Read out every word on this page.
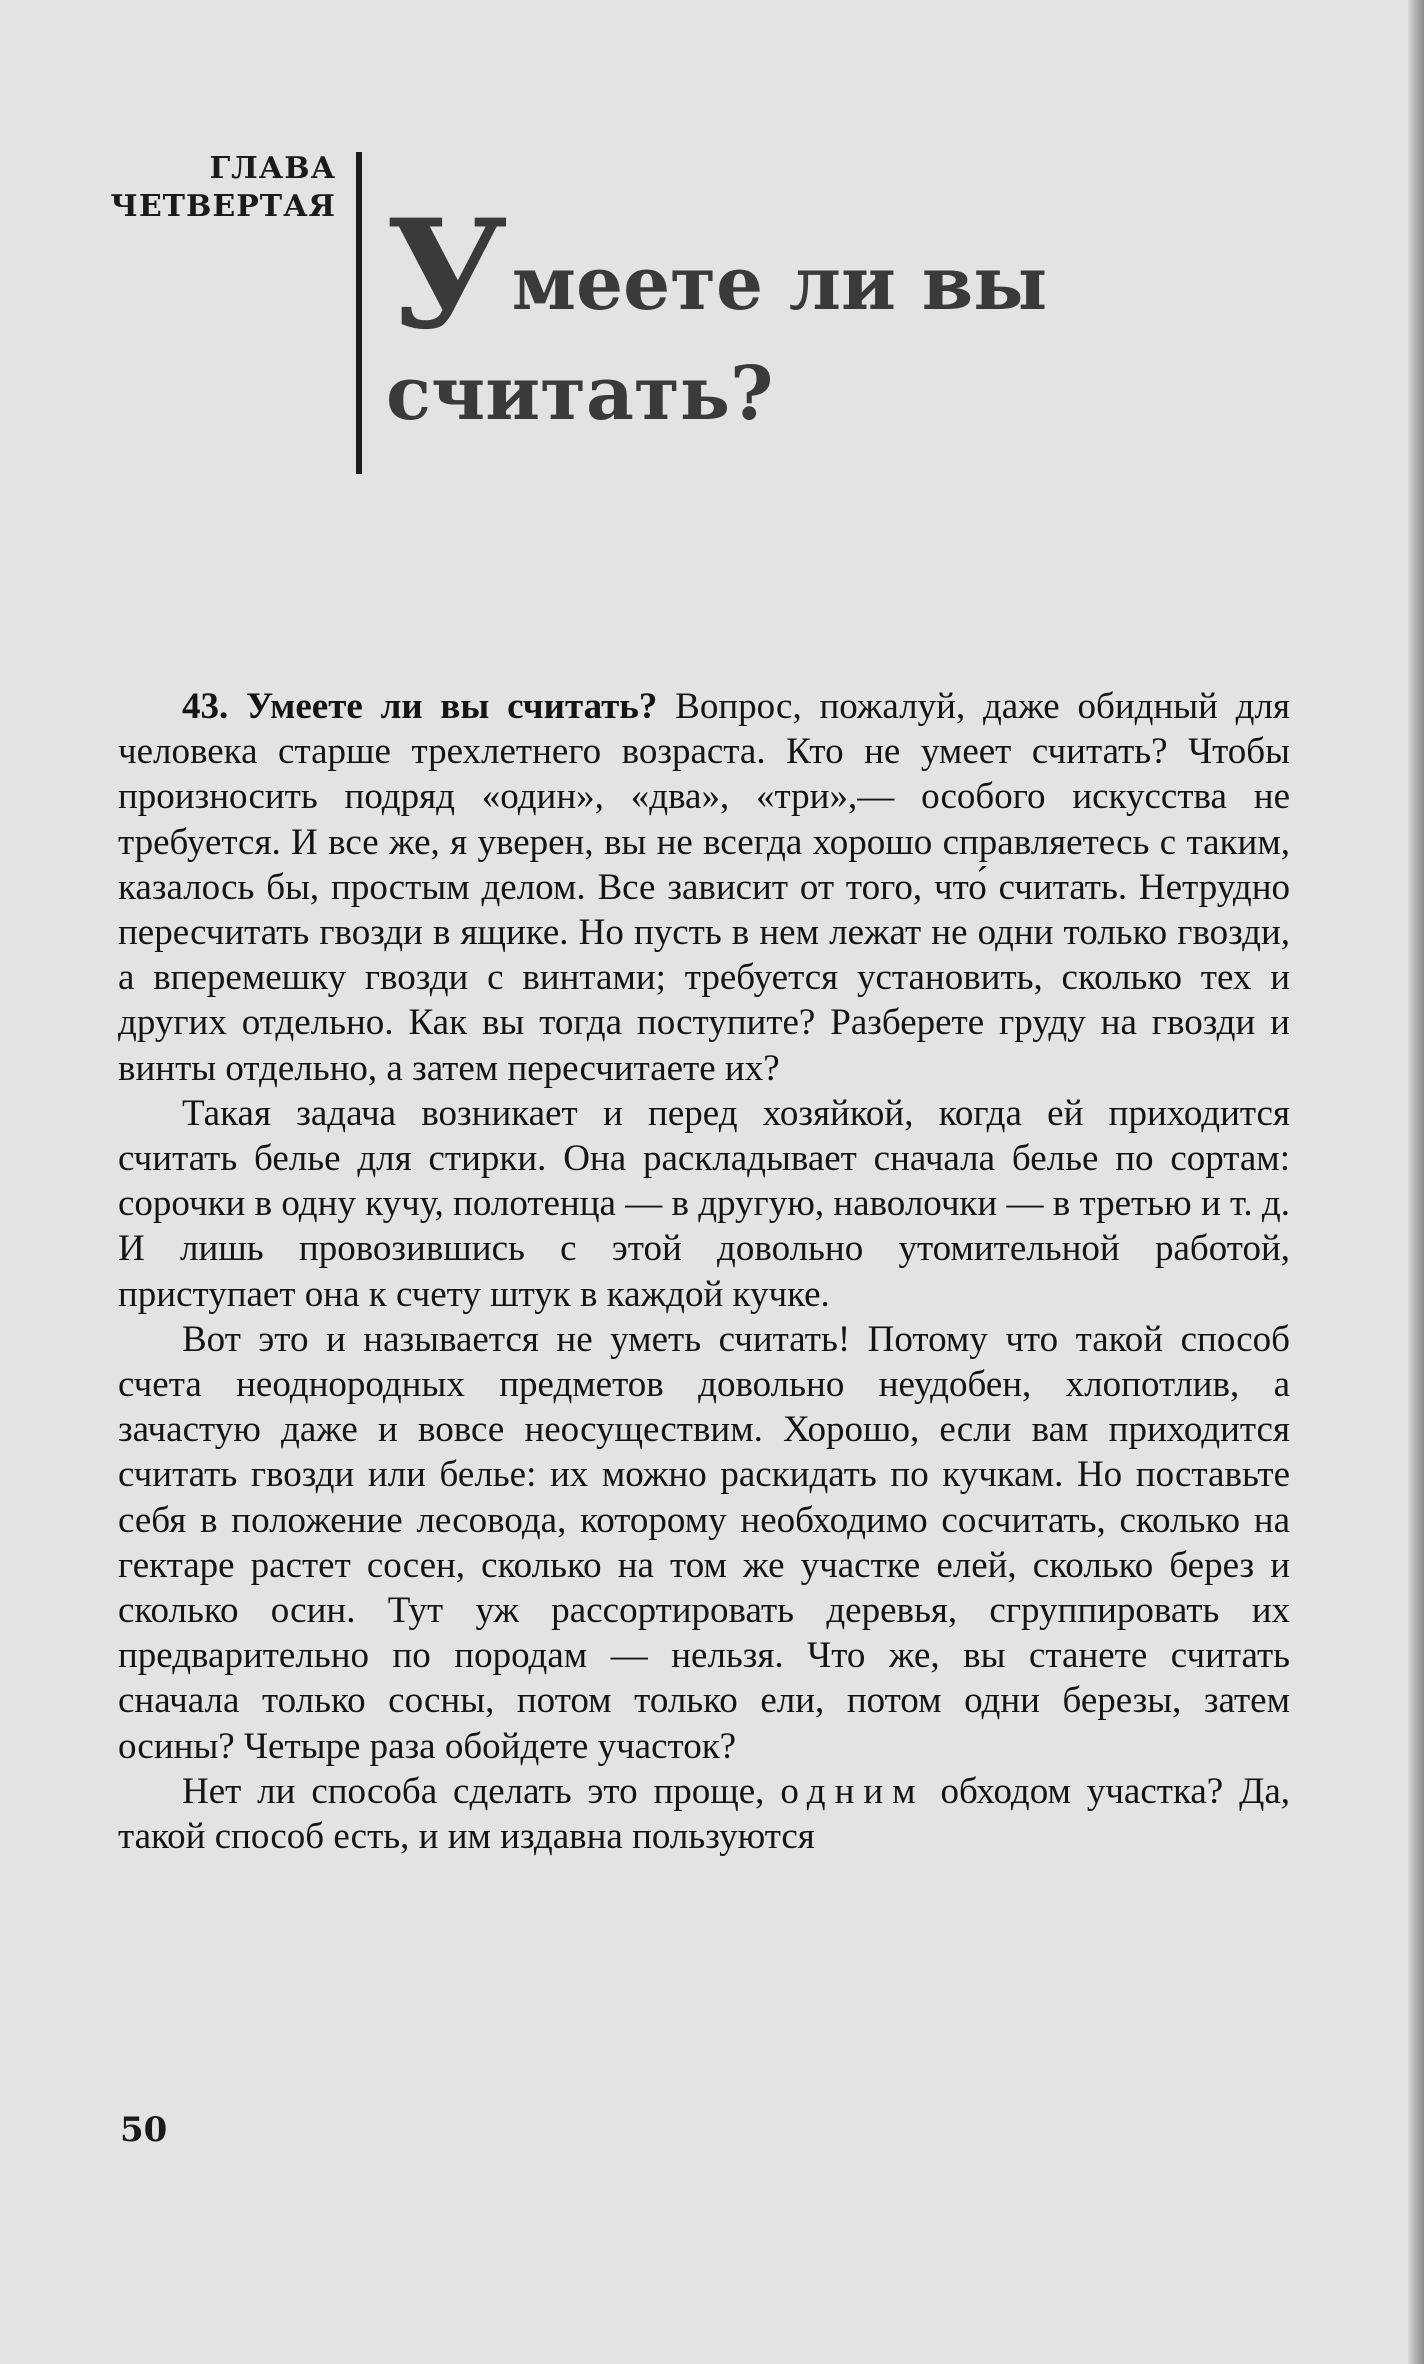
ГЛАВА
ЧЕТВЕРТАЯ Умеете ли вы
считать?

43. Умеете ли вы считать? Вопрос, пожалуй, даже обидный для человека старше трехлетнего возраста. Кто не умеет считать? Чтобы произносить подряд «один», «два», «три»,— особого искусства не требуется. И все же, я уверен, вы не всегда хорошо справляетесь с таким, казалось бы, простым делом. Все зависит от того, что́ считать. Нетрудно пересчитать гвозди в ящике. Но пусть в нем лежат не одни только гвозди, а вперемешку гвозди с винтами; требуется установить, сколько тех и других отдельно. Как вы тогда поступите? Разберете груду на гвозди и винты отдельно, а затем пересчитаете их?

Такая задача возникает и перед хозяйкой, когда ей приходится считать белье для стирки. Она раскладывает сначала белье по сортам: сорочки в одну кучу, полотенца — в другую, наволочки — в третью и т. д. И лишь провозившись с этой довольно утомительной работой, приступает она к счету штук в каждой кучке.

Вот это и называется не уметь считать! Потому что такой способ счета неоднородных предметов довольно неудобен, хлопотлив, а зачастую даже и вовсе неосуществим. Хорошо, если вам приходится считать гвозди или белье: их можно раскидать по кучкам. Но поставьте себя в положение лесовода, которому необходимо сосчитать, сколько на гектаре растет сосен, сколько на том же участке елей, сколько берез и сколько осин. Тут уж рассортировать деревья, сгруппировать их предварительно по породам — нельзя. Что же, вы станете считать сначала только сосны, потом только ели, потом одни березы, затем осины? Четыре раза обойдете участок?

Нет ли способа сделать это проще, одним обходом участка? Да, такой способ есть, и им издавна пользуются

50
